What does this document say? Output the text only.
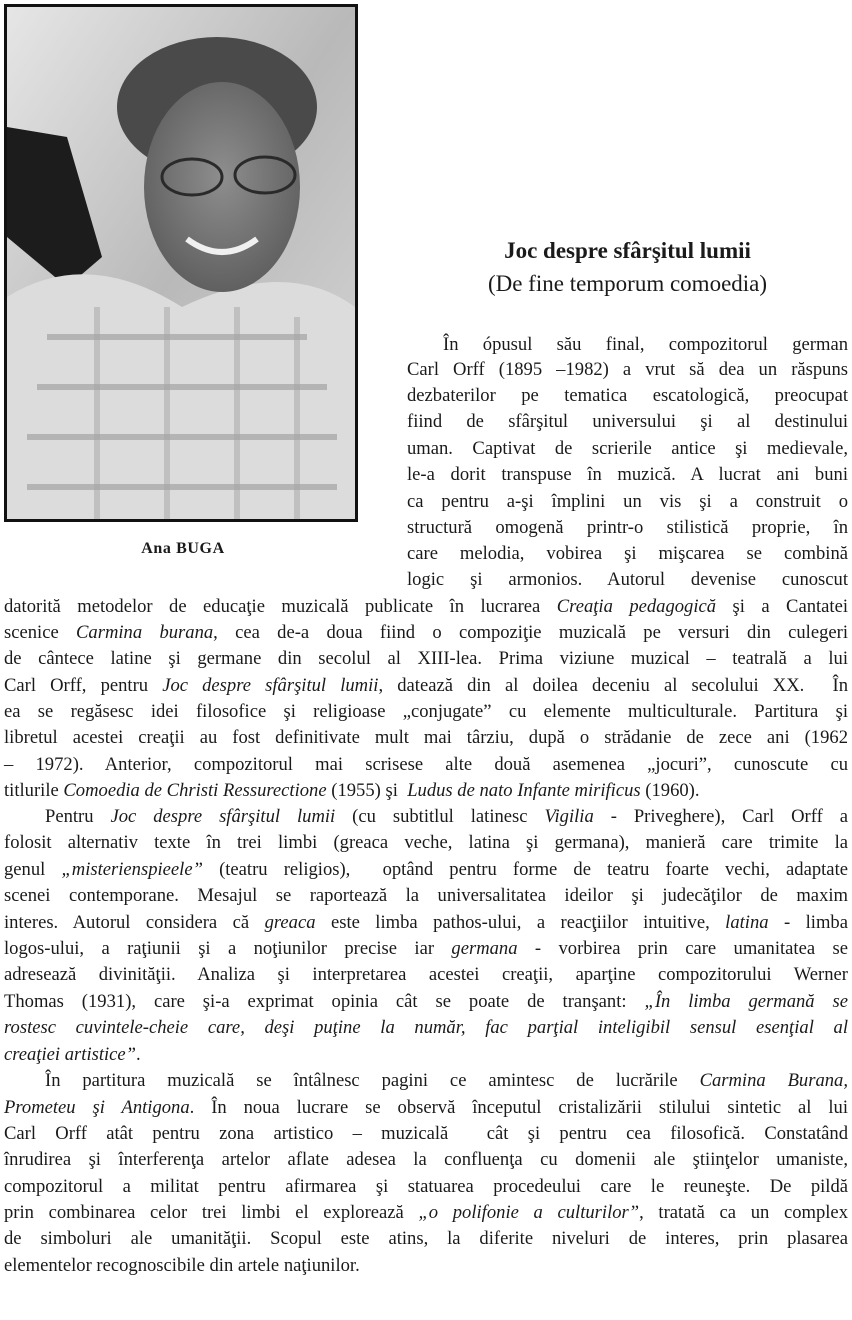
Ana BUGA
Joc despre sfârşitul lumii
(De fine temporum comoedia)
În ópusul său final, compozitorul german
Carl Orff (1895 –1982) a vrut să dea un răspuns
dezbaterilor pe tematica escatologică, preocupat
fiind de sfârşitul universului şi al destinului
uman. Captivat de scrierile antice şi medievale,
le-a dorit transpuse în muzică. A lucrat ani buni
ca pentru a-şi împlini un vis şi a construit o
structură omogenă printr-o stilistică proprie, în
care melodia, vobirea şi mişcarea se combină
logic şi armonios. Autorul devenise cunoscut
datorită metodelor de educaţie muzicală publicate în lucrarea Creaţia pedagogică şi a Cantatei
scenice Carmina burana, cea de-a doua fiind o compoziţie muzicală pe versuri din culegeri
de cântece latine şi germane din secolul al XIII-lea. Prima viziune muzical – teatrală a lui
Carl Orff, pentru Joc despre sfârşitul lumii, datează din al doilea deceniu al secolului XX.  În
ea se regăsesc idei filosofice şi religioase „conjugate” cu elemente multiculturale. Partitura şi
libretul acestei creaţii au fost definitivate mult mai târziu, după o strădanie de zece ani (1962
– 1972). Anterior, compozitorul mai scrisese alte două asemenea „jocuri”, cunoscute cu
titlurile Comoedia de Christi Ressurectione (1955) şi  Ludus de nato Infante mirificus (1960).
Pentru Joc despre sfârşitul lumii (cu subtitlul latinesc Vigilia - Priveghere), Carl Orff a
folosit alternativ texte în trei limbi (greaca veche, latina şi germana), manieră care trimite la
genul „misterienspieele” (teatru religios),  optând pentru forme de teatru foarte vechi, adaptate
scenei contemporane. Mesajul se raportează la universalitatea ideilor şi judecăţilor de maxim
interes. Autorul considera că greaca este limba pathos-ului, a reacţiilor intuitive, latina - limba
logos-ului, a raţiunii şi a noţiunilor precise iar germana - vorbirea prin care umanitatea se
adresează divinităţii. Analiza şi interpretarea acestei creaţii, aparţine compozitorului Werner
Thomas (1931), care şi-a exprimat opinia cât se poate de tranşant: „În limba germană se
rostesc cuvintele-cheie care, deşi puţine la număr, fac parţial inteligibil sensul esenţial al
creaţiei artistice”.
În partitura muzicală se întâlnesc pagini ce amintesc de lucrările Carmina Burana,
Prometeu şi Antigona. În noua lucrare se observă începutul cristalizării stilului sintetic al lui
Carl Orff atât pentru zona artistico – muzicală  cât şi pentru cea filosofică. Constatând
înrudirea şi înterferenţa artelor aflate adesea la confluenţa cu domenii ale ştiinţelor umaniste,
compozitorul a militat pentru afirmarea şi statuarea procedeului care le reuneşte. De pildă
prin combinarea celor trei limbi el explorează „o polifonie a culturilor”, tratată ca un complex
de simboluri ale umanităţii. Scopul este atins, la diferite niveluri de interes, prin plasarea
elementelor recognoscibile din artele naţiunilor.
